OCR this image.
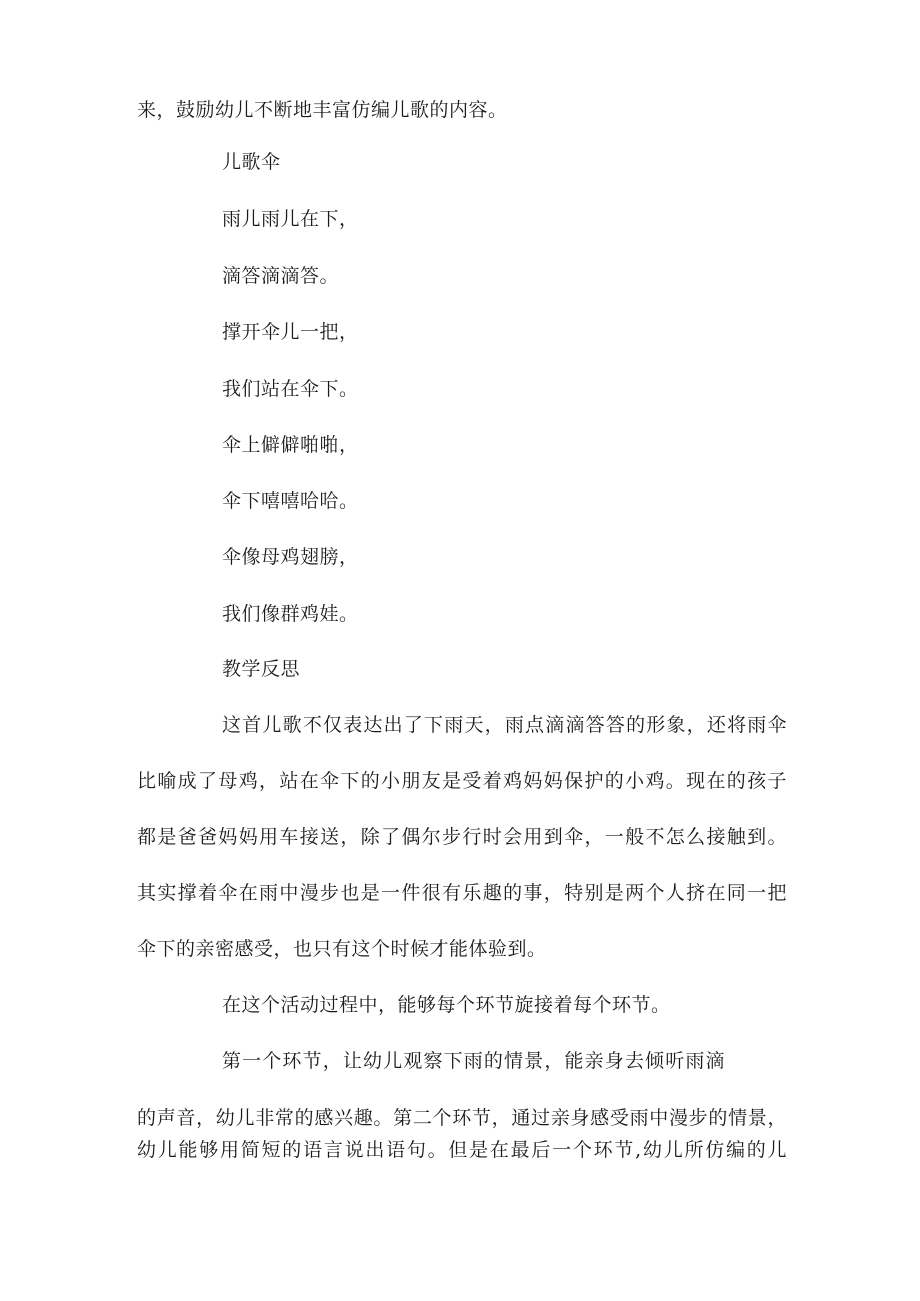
来，鼓励幼儿不断地丰富仿编儿歌的内容。
儿歌伞
雨儿雨儿在下，
滴答滴滴答。
撑开伞儿一把，
我们站在伞下。
伞上僻僻啪啪，
伞下嘻嘻哈哈。
伞像母鸡翅膀，
我们像群鸡娃。
教学反思
这首儿歌不仅表达出了下雨天，雨点滴滴答答的形象，还将雨伞
比喻成了母鸡，站在伞下的小朋友是受着鸡妈妈保护的小鸡。现在的孩子
都是爸爸妈妈用车接送，除了偶尔步行时会用到伞，一般不怎么接触到。
其实撑着伞在雨中漫步也是一件很有乐趣的事，特别是两个人挤在同一把
伞下的亲密感受，也只有这个时候才能体验到。
在这个活动过程中，能够每个环节旋接着每个环节。
第一个环节，让幼儿观察下雨的情景，能亲身去倾听雨滴
的声音，幼儿非常的感兴趣。第二个环节，通过亲身感受雨中漫步的情景，
幼儿能够用简短的语言说出语句。但是在最后一个环节,幼儿所仿编的儿
